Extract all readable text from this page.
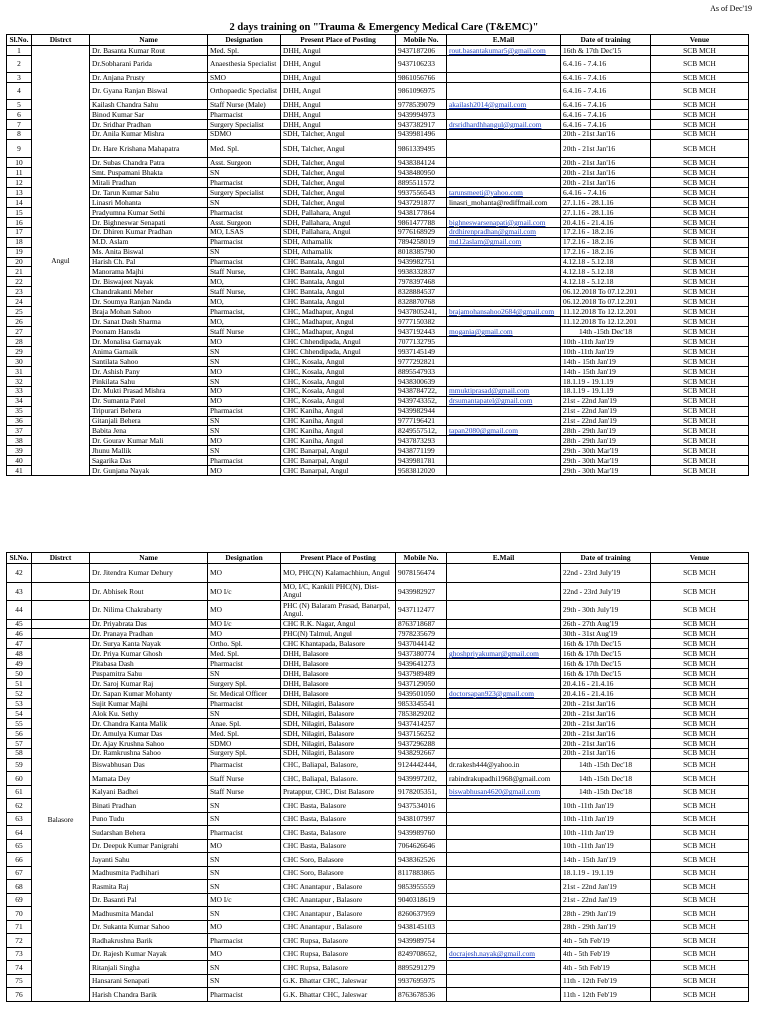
As of Dec'19
2 days training on "Trauma & Emergency Medical Care (T&EMC)"
Sl.No.	Distrct	Name	Designation	Present Place of Posting	Mobile No.	E.Mail	Date of training	Venue
1	Angul	Dr. Basanta Kumar Rout	Med. Spl.	DHH, Angul	9437187206	rout.basantakumar5@gmail.com	16th & 17th Dec'15	SCB MCH
2		Dr.Sobharani Parida	Anaesthesia Specialist	DHH, Angul	9437106233		6.4.16 - 7.4.16	SCB MCH
3		Dr. Anjana Prusty	SMO	DHH, Angul	9861056766		6.4.16 - 7.4.16	SCB MCH
4		Dr. Gyana Ranjan Biswal	Orthopaedic Specialist	DHH, Angul	9861096975		6.4.16 - 7.4.16	SCB MCH
5		Kailash Chandra Sahu	Staff Nurse (Male)	DHH, Angul	9778539079	akailash2014@gmail.com	6.4.16 - 7.4.16	SCB MCH
6		Binod Kumar Sar	Pharmacist	DHH, Angul	9439994973		6.4.16 - 7.4.16	SCB MCH
7		Dr. Sridhar Pradhan	Surgery Specialist	DHH, Angul	9437382917	drsridhardhhangul@gmail.com	6.4.16 - 7.4.16	SCB MCH
8		Dr. Anila Kumar Mishra	SDMO	SDH, Talcher, Angul	9439981496		20th - 21st Jan'16	SCB MCH
9		Dr. Hare Krishana Mahapatra	Med. Spl.	SDH, Talcher, Angul	9861339495		20th - 21st Jan'16	SCB MCH
10		Dr. Subas Chandra Patra	Asst. Surgeon	SDH, Talcher, Angul	9438384124		20th - 21st Jan'16	SCB MCH
11		Smt. Puspamani Bhakta	SN	SDH, Talcher, Angul	9438480950		20th - 21st Jan'16	SCB MCH
12		Mitali Pradhan	Pharmacist	SDH, Talcher, Angul	8895511572		20th - 21st Jan'16	SCB MCH
13		Dr. Tarun Kumar Sahu	Surgery Specialist	SDH, Talcher, Angul	9937556543	tarunsmeeti@yahoo.com	6.4.16 - 7.4.16	SCB MCH
14		Linasri Mohanta	SN	SDH, Talcher, Angul	9437291877	linasri_mohanta@rediffmail.com	27.1.16 - 28.1.16	SCB MCH
15		Pradyumna Kumar Sethi	Pharmacist	SDH, Pallahara, Angul	9438177864		27.1.16 - 28.1.16	SCB MCH
16		Dr. Bighneswar Senapati	Asst. Surgeon	SDH, Pallahara, Angul	9861477788	bighneswarsenapati@gmail.com	20.4.16 - 21.4.16	SCB MCH
17		Dr. Dhiren Kumar Pradhan	MO, LSAS	SDH, Pallahara, Angul	9776168929	drdhirenpradhan@gmail.com	17.2.16 - 18.2.16	SCB MCH
18		M.D. Aslam	Pharmacist	SDH, Athamalik	7894258019	md12aslam@gmail.com	17.2.16 - 18.2.16	SCB MCH
19		Ms. Anita Biswal	SN	SDH, Athamalik	8018385790		17.2.16 - 18.2.16	SCB MCH
20		Harish Ch. Pal	Pharmacist	CHC Bantala, Angul	9439982751		4.12.18 - 5.12.18	SCB MCH
21		Manorama Majhi	Staff Nurse,	CHC Bantala, Angul	9938332837		4.12.18 - 5.12.18	SCB MCH
22		Dr. Biswajeet Nayak	MO,	CHC Bantala, Angul	7978397468		4.12.18 - 5.12.18	SCB MCH
23		Chandrakanti Meher	Staff Nurse,	CHC Bantala, Angul	8328884537		06.12.2018 To 07.12.201	SCB MCH
24		Dr. Soumya Ranjan Nanda	MO,	CHC Bantala, Angul	8328870768		06.12.2018 To 07.12.201	SCB MCH
25		Braja Mohan Sahoo	Pharmacist,	CHC, Madhapur, Angul	9437805241,	brajamohansahoo2684@gmail.com	11.12.2018 To 12.12.201	SCB MCH
26		Dr. Sanat Dash Sharma	MO,	CHC, Madhapur, Angul	9777150382		11.12.2018 To 12.12.201	SCB MCH
27		Poonam Hansda	Staff Nurse	CHC, Madhapur, Angul	9437192443	mogania@gmail.com	14th -15th Dec'18	SCB MCH
28		Dr. Monalisa Garnayak	MO	CHC Chhendipada, Angul	7077132795		10th -11th Jan'19	SCB MCH
29		Anima Garnaik	SN	CHC Chhendipada, Angul	9937145149		10th -11th Jan'19	SCB MCH
30		Santilata Sahoo	SN	CHC, Kosala, Angul	9777292821		14th - 15th Jan'19	SCB MCH
31		Dr. Ashish Pany	MO	CHC, Kosala, Angul	8895547933		14th - 15th Jan'19	SCB MCH
32		Pinkilata Sahu	SN	CHC, Kosala, Angul	9438300639		18.1.19 - 19.1.19	SCB MCH
33		Dr. Mukti Prasad Mishra	MO	CHC, Kosala, Angul	9438784722,	mmuktiprasad@gmail.com	18.1.19 - 19.1.19	SCB MCH
34		Dr. Sumanta Patel	MO	CHC, Kosala, Angul	9439743352,	drsumantapatel@gmail.com	21st - 22nd Jan'19	SCB MCH
35		Tripurari Behera	Pharmacist	CHC Kaniha, Angul	9439982944		21st - 22nd Jan'19	SCB MCH
36		Gitanjali Behera	SN	CHC Kaniha, Angul	9777196421		21st - 22nd Jan'19	SCB MCH
37		Babita Jena	SN	CHC Kaniha, Angul	8249557512,	tapan2080@gmail.com	28th - 29th Jan'19	SCB MCH
38		Dr. Gourav Kumar Mali	MO	CHC Kaniha, Angul	9437873293		28th - 29th Jan'19	SCB MCH
39		Jhunu Mallik	SN	CHC Banarpal, Angul	9438771199		29th - 30th Mar'19	SCB MCH
40		Sagarika Das	Pharmacist	CHC Banarpal, Angul	9439981781		29th - 30th Mar'19	SCB MCH
41		Dr. Gunjana Nayak	MO	CHC Banarpal, Angul	9583812020		29th - 30th Mar'19	SCB MCH
Sl.No.	Distrct	Name	Designation	Present Place of Posting	Mobile No.	E.Mail	Date of training	Venue
42		Dr. Jitendra Kumar Dehury	MO	MO, PHC(N) Kalamachhiun, Angul	9078156474		22nd - 23rd July'19	SCB MCH
43		Dr. Abhisek Rout	MO I/c	MO, I/C, Kankili PHC(N), Dist-Angul	9439982927		22nd - 23rd July'19	SCB MCH
44		Dr. Nilima Chakrabarty	MO	PHC (N) Balaram Prasad, Banarpal, Angul.	9437112477		29th - 30th July'19	SCB MCH
45		Dr. Priyabrata Das	MO I/c	CHC R.K. Nagar, Angul	8763718687		26th - 27th Aug'19	SCB MCH
46		Dr. Pranaya Pradhan	MO	PHC(N) Talmul, Angul	7978235679		30th - 31st Aug'19	SCB MCH
47	Balasore	Dr. Surya Kanta Nayak	Ortho. Spl.	CHC Khantapada, Balasore	9437044142		16th & 17th Dec'15	SCB MCH
48		Dr. Priya Kumar Ghosh	Med. Spl.	DHH, Balasore	9437380774	ghoshpriyakumar@gmail.com	16th & 17th Dec'15	SCB MCH
49		Pitabasa Dash	Pharmacist	DHH, Balasore	9439641273		16th & 17th Dec'15	SCB MCH
50		Puspamitra Sahu	SN	DHH, Balasore	9437989489		16th & 17th Dec'15	SCB MCH
51		Dr. Saroj Kumar Raj	Surgery Spl.	DHH, Balasore	9437129050		20.4.16 - 21.4.16	SCB MCH
52		Dr. Sapan Kumar Mohanty	Sr. Medical Officer	DHH, Balasore	9439501050	doctorsapan923@gmail.com	20.4.16 - 21.4.16	SCB MCH
53		Sujit Kumar Majhi	Pharmacist	SDH, Nilagiri, Balasore	9853345541		20th - 21st Jan'16	SCB MCH
54		Alok Ku. Sethy	SN	SDH, Nilagiri, Balasore	7853829202		20th - 21st Jan'16	SCB MCH
55		Dr. Chandra Kanta Malik	Anae. Spl.	SDH, Nilagiri, Balasore	9437414257		20th - 21st Jan'16	SCB MCH
56		Dr. Amulya Kumar Das	Med. Spl.	SDH, Nilagiri, Balasore	9437156252		20th - 21st Jan'16	SCB MCH
57		Dr. Ajay Krushna Sahoo	SDMO	SDH, Nilagiri, Balasore	9437296288		20th - 21st Jan'16	SCB MCH
58		Dr. Ramkrushna Sahoo	Surgery Spl.	SDH, Nilagiri, Balasore	9438292667		20th - 21st Jan'16	SCB MCH
59		Biswabhusan Das	Pharmacist	CHC, Baliapal, Balasore,	9124442444,	dr.rakesh444@yahoo.in	14th -15th Dec'18	SCB MCH
60		Mamata Dey	Staff Nurse	CHC, Baliapal, Balasore.	9439997202,	rabindrakupadhi1968@gmail.com	14th -15th Dec'18	SCB MCH
61		Kalyani Badhei	Staff Nurse	Pratappur, CHC, Dist Balasore	9178205351,	biswabhusan4620@gmail.com	14th -15th Dec'18	SCB MCH
62		Binati Pradhan	SN	CHC Basta, Balasore	9437534016		10th -11th Jan'19	SCB MCH
63		Puno Tudu	SN	CHC Basta, Balasore	9438107997		10th -11th Jan'19	SCB MCH
64		Sudarshan Behera	Pharmacist	CHC Basta, Balasore	9439989760		10th -11th Jan'19	SCB MCH
65		Dr. Deepuk Kumar Panigrahi	MO	CHC Basta, Balasore	7064626646		10th -11th Jan'19	SCB MCH
66		Jayanti Sahu	SN	CHC Soro, Balasore	9438362526		14th - 15th Jan'19	SCB MCH
67		Madhusmita Padhihari	SN	CHC Soro, Balasore	8117883865		18.1.19 - 19.1.19	SCB MCH
68		Rasmita Raj	SN	CHC Anantapur , Balasore	9853955559		21st - 22nd Jan'19	SCB MCH
69		Dr. Basanti Pal	MO I/c	CHC Anantapur , Balasore	9040318619		21st - 22nd Jan'19	SCB MCH
70		Madhusmita Mandal	SN	CHC Anantapur , Balasore	8260637959		28th - 29th Jan'19	SCB MCH
71		Dr. Sukanta Kumar Sahoo	MO	CHC Anantapur , Balasore	9438145103		28th - 29th Jan'19	SCB MCH
72		Radhakrushna Barik	Pharmacist	CHC Rupsa, Balasore	9439989754		4th - 5th Feb'19	SCB MCH
73		Dr. Rajesh Kumar Nayak	MO	CHC Rupsa, Balasore	8249708652,	docrajesh.nayak@gmail.com	4th - 5th Feb'19	SCB MCH
74		Ritanjali Singha	SN	CHC Rupsa, Balasore	8895291279		4th - 5th Feb'19	SCB MCH
75		Hansarani Senapati	SN	G.K. Bhattar CHC, Jaleswar	9937695975		11th - 12th Feb'19	SCB MCH
76		Harish Chandra Barik	Pharmacist	G.K. Bhattar CHC, Jaleswar	8763678536		11th - 12th Feb'19	SCB MCH
